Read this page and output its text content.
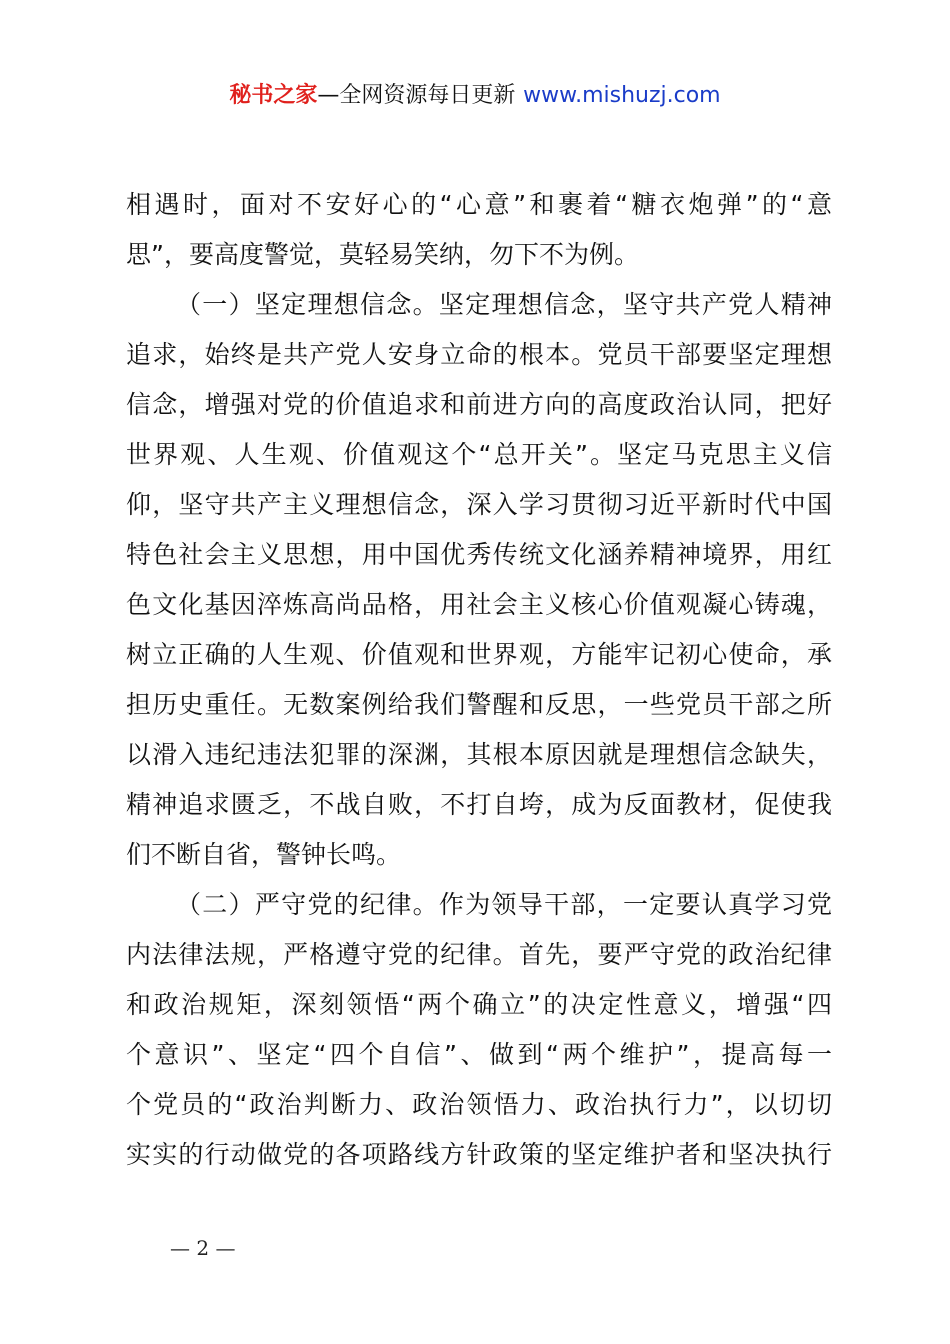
秘书之家—全网资源每日更新 www.mishuzj.com
相遇时，面对不安好心的“心意”和裹着“糖衣炮弹”的“意
思”，要高度警觉，莫轻易笑纳，勿下不为例。
（一）坚定理想信念。坚定理想信念，坚守共产党人精神
追求，始终是共产党人安身立命的根本。党员干部要坚定理想
信念，增强对党的价值追求和前进方向的高度政治认同，把好
世界观、人生观、价值观这个“总开关”。坚定马克思主义信
仰，坚守共产主义理想信念，深入学习贯彻习近平新时代中国
特色社会主义思想，用中国优秀传统文化涵养精神境界，用红
色文化基因淬炼高尚品格，用社会主义核心价值观凝心铸魂，
树立正确的人生观、价值观和世界观，方能牢记初心使命，承
担历史重任。无数案例给我们警醒和反思，一些党员干部之所
以滑入违纪违法犯罪的深渊，其根本原因就是理想信念缺失，
精神追求匮乏，不战自败，不打自垮，成为反面教材，促使我
们不断自省，警钟长鸣。
（二）严守党的纪律。作为领导干部，一定要认真学习党
内法律法规，严格遵守党的纪律。首先，要严守党的政治纪律
和政治规矩，深刻领悟“两个确立”的决定性意义，增强“四
个意识”、坚定“四个自信”、做到“两个维护”，提高每一
个党员的“政治判断力、政治领悟力、政治执行力”，以切切
实实的行动做党的各项路线方针政策的坚定维护者和坚决执行
— 2 —
